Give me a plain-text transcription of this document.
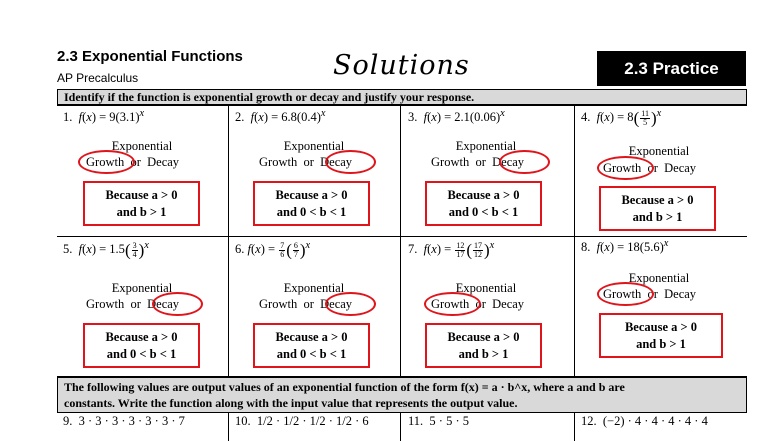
2.3 Exponential Functions
AP Precalculus	Solutions	2.3 Practice
Identify if the function is exponential growth or decay and justify your response.
1. $f(x) = 9(3.1)^x$
Exponential
Growth or Decay
Because a > 0
and b > 1
2. $f(x) = 6.8(0.4)^x$
Exponential
Growth or Decay
Because a > 0
and 0 < b < 1
3. $f(x) = 2.1(0.06)^x$
Exponential
Growth or Decay
Because a > 0
and 0 < b < 1
4. $f(x) = 8( \frac{11}{5} )^x$
Exponential
Growth or Decay
Because a > 0
and b > 1
5. $f(x) = 1.5( \frac{3}{4} )^x$
Exponential
Growth or Decay
Because a > 0
and 0 < b < 1
6. $f(x) = \frac{7}{6}$ ( $\frac{6}{7} )^x$
Exponential
Growth or Decay
Because a > 0
and 0 < b < 1
7. $f(x) = \frac{12}{17}$ ( $\frac{17}{12} )^x$
Exponential
Growth or Decay
Because a > 0
and b > 1
8. $f(x) = 18(5.6)^x$
Exponential
Growth or Decay
Because a > 0
and b > 1
The following values are output values of an exponential function of the form f(x) = a · b^x, where a and b are
constants. Write the function along with the input value that represents the output value.
9. 3 · 3 · 3 · 3 · 3 · 3 · 7	10. 1/2 · 1/2 · 1/2 · 1/2 · 6	11. 5 · 5 · 5	12. (−2) · 4 · 4 · 4 · 4 · 4
